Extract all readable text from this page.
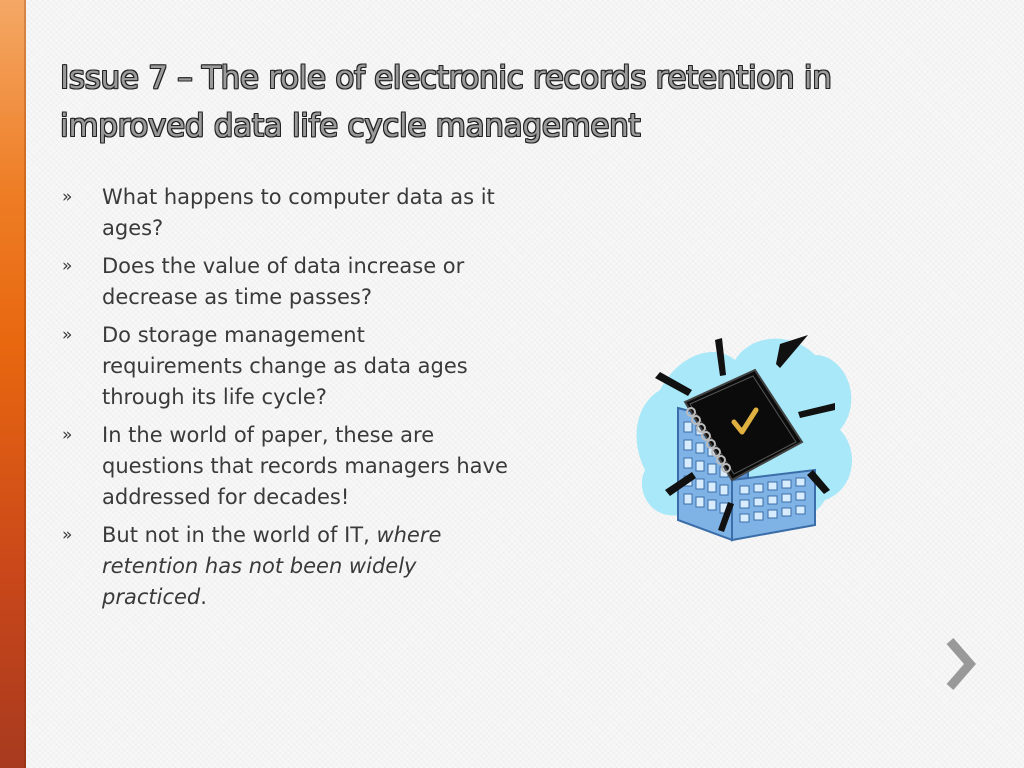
Issue 7 – The role of electronic records retention in improved data life cycle management
»	What happens to computer data as it ages?
»	Does the value of data increase or decrease as time passes?
»	Do storage management requirements change as data ages through its life cycle?
»	In the world of paper, these are questions that records managers have addressed for decades!
»	But not in the world of IT, where retention has not been widely practiced.
